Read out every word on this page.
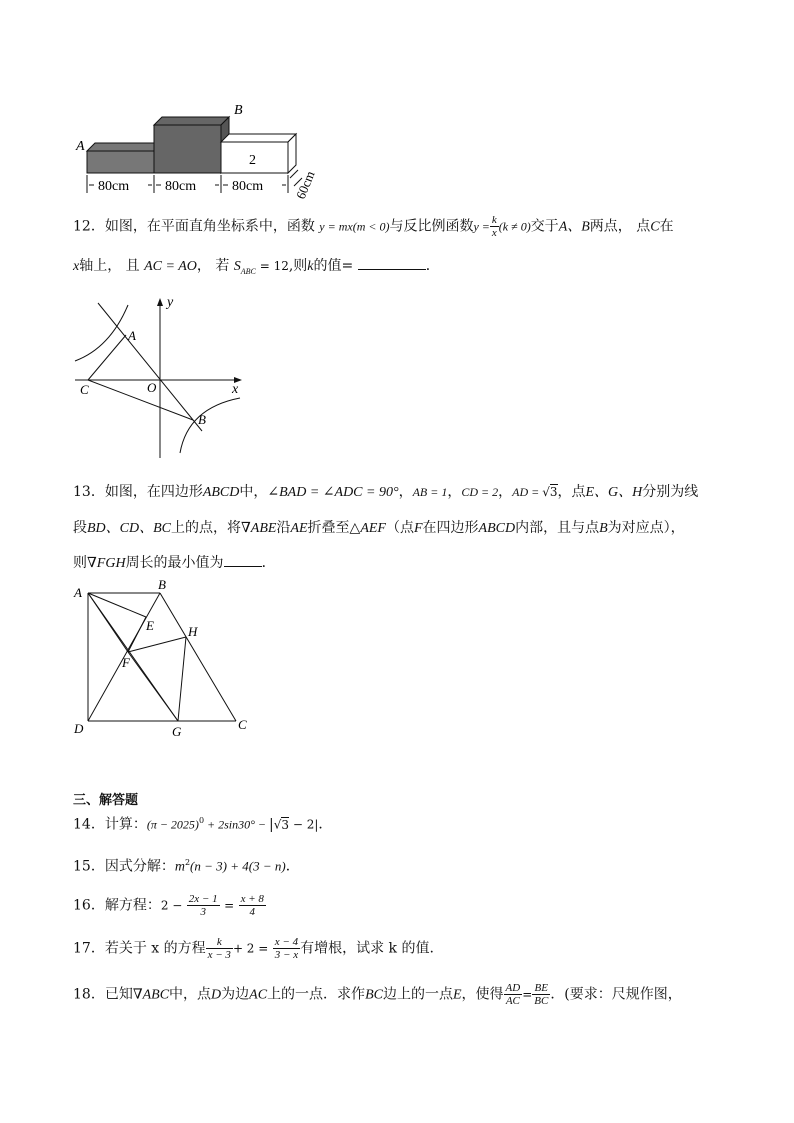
A
B
2
80cm	80cm	80cm 60cm
12．如图，在平面直角坐标系中，函数 y = mx(m < 0)与反比例函数$y = \frac{k}{x} (k \ne 0)$交于A、B两点， 点C在
x轴上， 且 AC = AO， 若 $S_{ABC} = 12$,则k的值=	．
y
x
A
C	O
B
13．如图，在四边形ABCD中，∠BAD = ∠ADC = 90°，AB = 1，CD = 2，AD = √3，点E、G、H分别为线
段BD、CD、BC上的点，将∇ABE沿AE折叠至△AEF（点F在四边形ABCD内部，且与点B为对应点），
则∇FGH周长的最小值为	．
A
B
E	H
F
D	G	C
三、解答题
14．计算：$(\pi - 2025)^0 + 2\sin 30^\circ - |√3 - 2|$．
15．因式分解：$m^2(n - 3) + 4(3 - n)$．
16．解方程：$2 - \frac{2x - 1}{3} = \frac{x + 8}{4}$
17．若关于 x 的方程 $\frac{k}{x - 3} + 2 = \frac{x - 4}{3 - x}$ 有增根，试求 k 的值.
18．已知∇ABC中，点D为边AC上的一点．求作BC边上的一点E，使得 $\frac{AD}{AC} = \frac{BE}{BC}$ ．(要求：尺规作图，
